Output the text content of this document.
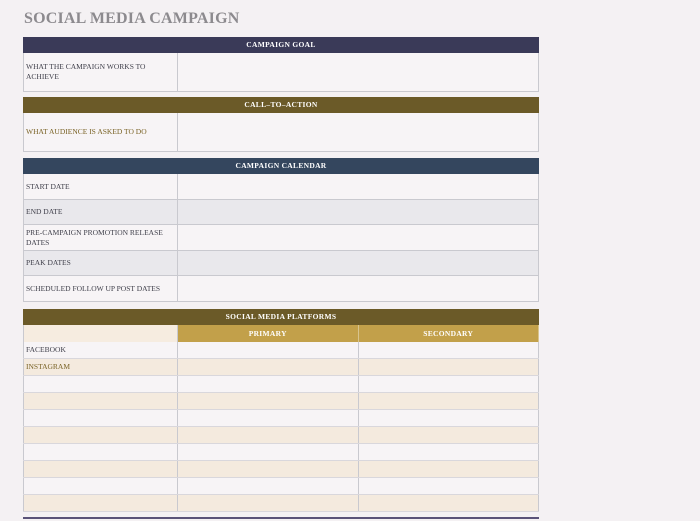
SOCIAL MEDIA CAMPAIGN
CAMPAIGN GOAL
WHAT THE CAMPAIGN WORKS TO ACHIEVE
CALL–TO–ACTION
WHAT AUDIENCE IS ASKED TO DO
CAMPAIGN CALENDAR
START DATE
END DATE
PRE-CAMPAIGN PROMOTION RELEASE DATES
PEAK DATES
SCHEDULED FOLLOW UP POST DATES
SOCIAL MEDIA PLATFORMS
PRIMARY	SECONDARY
FACEBOOK
INSTAGRAM
